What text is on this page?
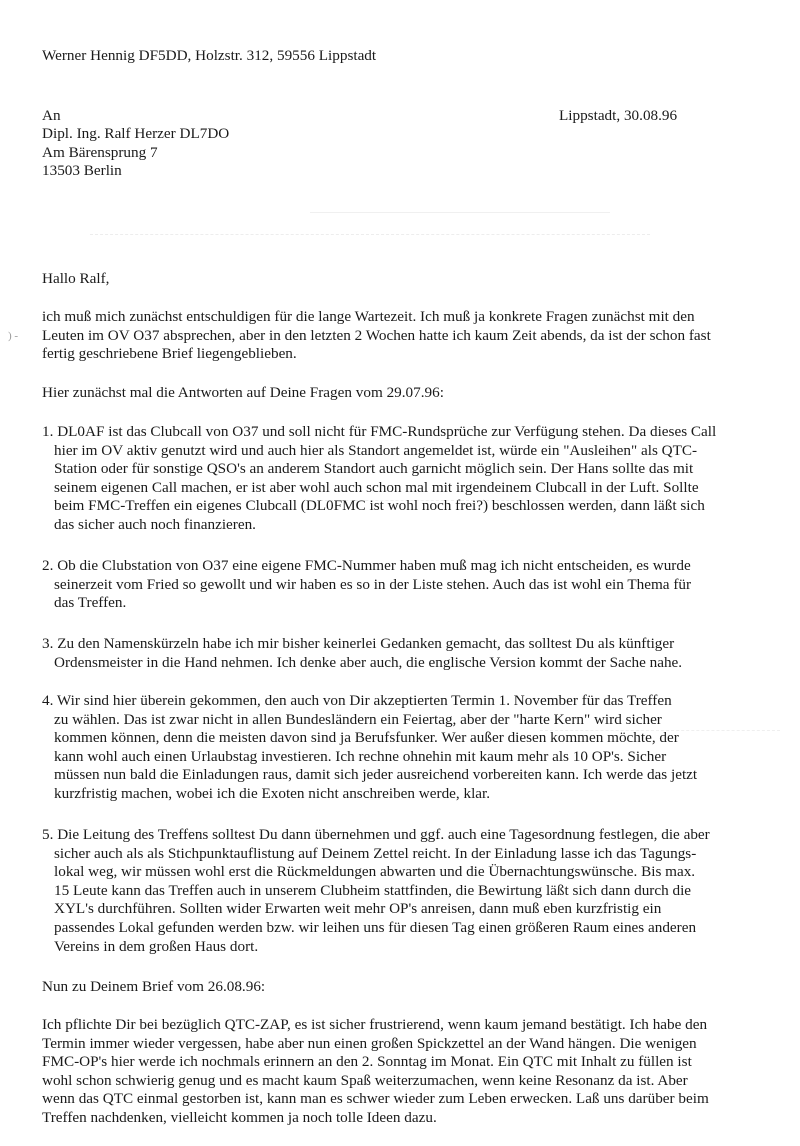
) -
Werner Hennig DF5DD, Holzstr. 312, 59556 Lippstadt
An
Dipl. Ing. Ralf Herzer DL7DO
Am Bärensprung 7
13503 Berlin
Lippstadt, 30.08.96
Hallo Ralf,
ich muß mich zunächst entschuldigen für die lange Wartezeit. Ich muß ja konkrete Fragen zunächst mit den
Leuten im OV O37 absprechen, aber in den letzten 2 Wochen hatte ich kaum Zeit abends, da ist der schon fast
fertig geschriebene Brief liegengeblieben.
Hier zunächst mal die Antworten auf Deine Fragen vom 29.07.96:
1. DL0AF ist das Clubcall von O37 und soll nicht für FMC-Rundsprüche zur Verfügung stehen. Da dieses Call
hier im OV aktiv genutzt wird und auch hier als Standort angemeldet ist, würde ein "Ausleihen" als QTC-
Station oder für sonstige QSO's an anderem Standort auch garnicht möglich sein. Der Hans sollte das mit
seinem eigenen Call machen, er ist aber wohl auch schon mal mit irgendeinem Clubcall in der Luft. Sollte
beim FMC-Treffen ein eigenes Clubcall (DL0FMC ist wohl noch frei?) beschlossen werden, dann läßt sich
das sicher auch noch finanzieren.
2. Ob die Clubstation von O37 eine eigene FMC-Nummer haben muß mag ich nicht entscheiden, es wurde
seinerzeit vom Fried so gewollt und wir haben es so in der Liste stehen. Auch das ist wohl ein Thema für
das Treffen.
3. Zu den Namenskürzeln habe ich mir bisher keinerlei Gedanken gemacht, das solltest Du als künftiger
Ordensmeister in die Hand nehmen. Ich denke aber auch, die englische Version kommt der Sache nahe.
4. Wir sind hier überein gekommen, den auch von Dir akzeptierten Termin 1. November für das Treffen
zu wählen. Das ist zwar nicht in allen Bundesländern ein Feiertag, aber der "harte Kern" wird sicher
kommen können, denn die meisten davon sind ja Berufsfunker. Wer außer diesen kommen möchte, der
kann wohl auch einen Urlaubstag investieren. Ich rechne ohnehin mit kaum mehr als 10 OP's. Sicher
müssen nun bald die Einladungen raus, damit sich jeder ausreichend vorbereiten kann. Ich werde das jetzt
kurzfristig machen, wobei ich die Exoten nicht anschreiben werde, klar.
5. Die Leitung des Treffens solltest Du dann übernehmen und ggf. auch eine Tagesordnung festlegen, die aber
sicher auch als als Stichpunktauflistung auf Deinem Zettel reicht. In der Einladung lasse ich das Tagungs-
lokal weg, wir müssen wohl erst die Rückmeldungen abwarten und die Übernachtungswünsche. Bis max.
15 Leute kann das Treffen auch in unserem Clubheim stattfinden, die Bewirtung läßt sich dann durch die
XYL's durchführen. Sollten wider Erwarten weit mehr OP's anreisen, dann muß eben kurzfristig ein
passendes Lokal gefunden werden bzw. wir leihen uns für diesen Tag einen größeren Raum eines anderen
Vereins in dem großen Haus dort.
Nun zu Deinem Brief vom 26.08.96:
Ich pflichte Dir bei bezüglich QTC-ZAP, es ist sicher frustrierend, wenn kaum jemand bestätigt. Ich habe den
Termin immer wieder vergessen, habe aber nun einen großen Spickzettel an der Wand hängen. Die wenigen
FMC-OP's hier werde ich nochmals erinnern an den 2. Sonntag im Monat. Ein QTC mit Inhalt zu füllen ist
wohl schon schwierig genug und es macht kaum Spaß weiterzumachen, wenn keine Resonanz da ist. Aber
wenn das QTC einmal gestorben ist, kann man es schwer wieder zum Leben erwecken. Laß uns darüber beim
Treffen nachdenken, vielleicht kommen ja noch tolle Ideen dazu.
